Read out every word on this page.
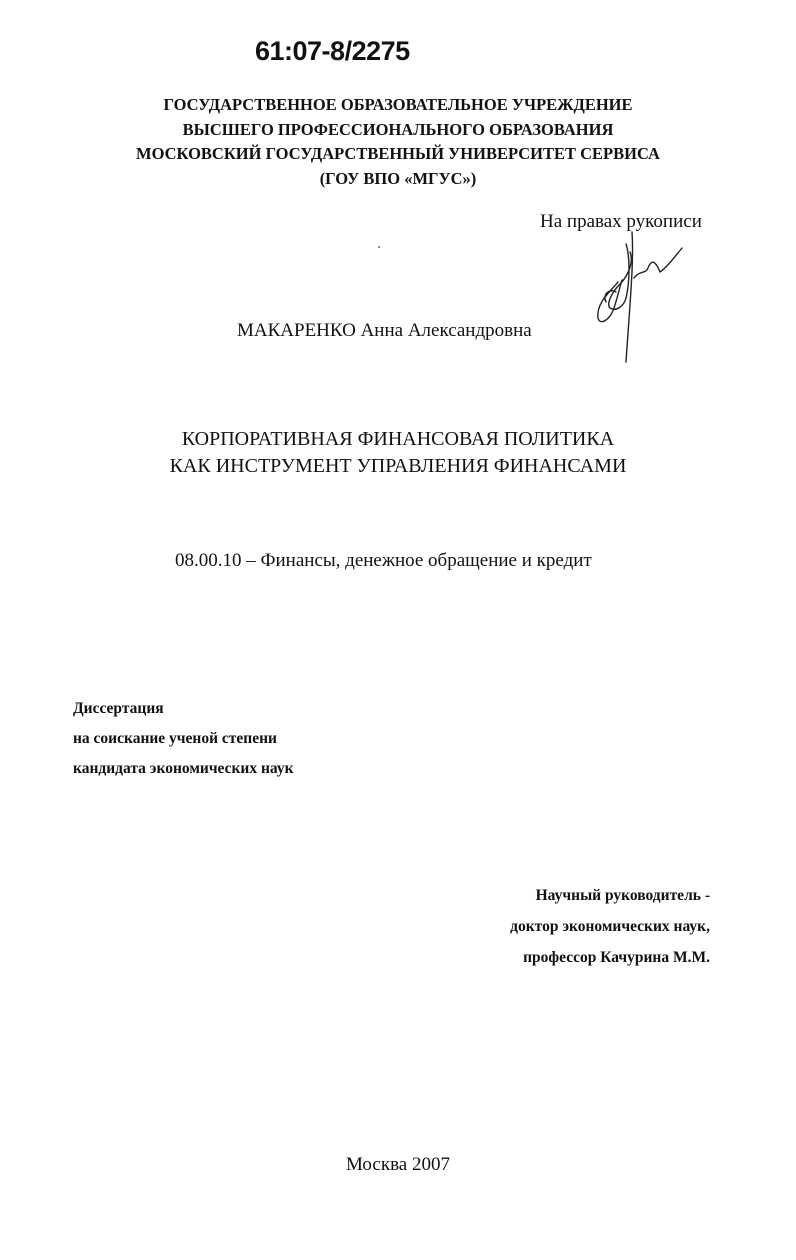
61:07-8/2275
ГОСУДАРСТВЕННОЕ ОБРАЗОВАТЕЛЬНОЕ УЧРЕЖДЕНИЕ
ВЫСШЕГО ПРОФЕССИОНАЛЬНОГО ОБРАЗОВАНИЯ
МОСКОВСКИЙ ГОСУДАРСТВЕННЫЙ УНИВЕРСИТЕТ СЕРВИСА
(ГОУ ВПО «МГУС»)
На правах рукописи
МАКАРЕНКО Анна Александровна
КОРПОРАТИВНАЯ ФИНАНСОВАЯ ПОЛИТИКА
КАК ИНСТРУМЕНТ УПРАВЛЕНИЯ ФИНАНСАМИ
08.00.10 – Финансы, денежное обращение и кредит
Диссертация
на соискание ученой степени
кандидата экономических наук
Научный руководитель -
доктор экономических наук,
профессор Качурина М.М.
Москва 2007
